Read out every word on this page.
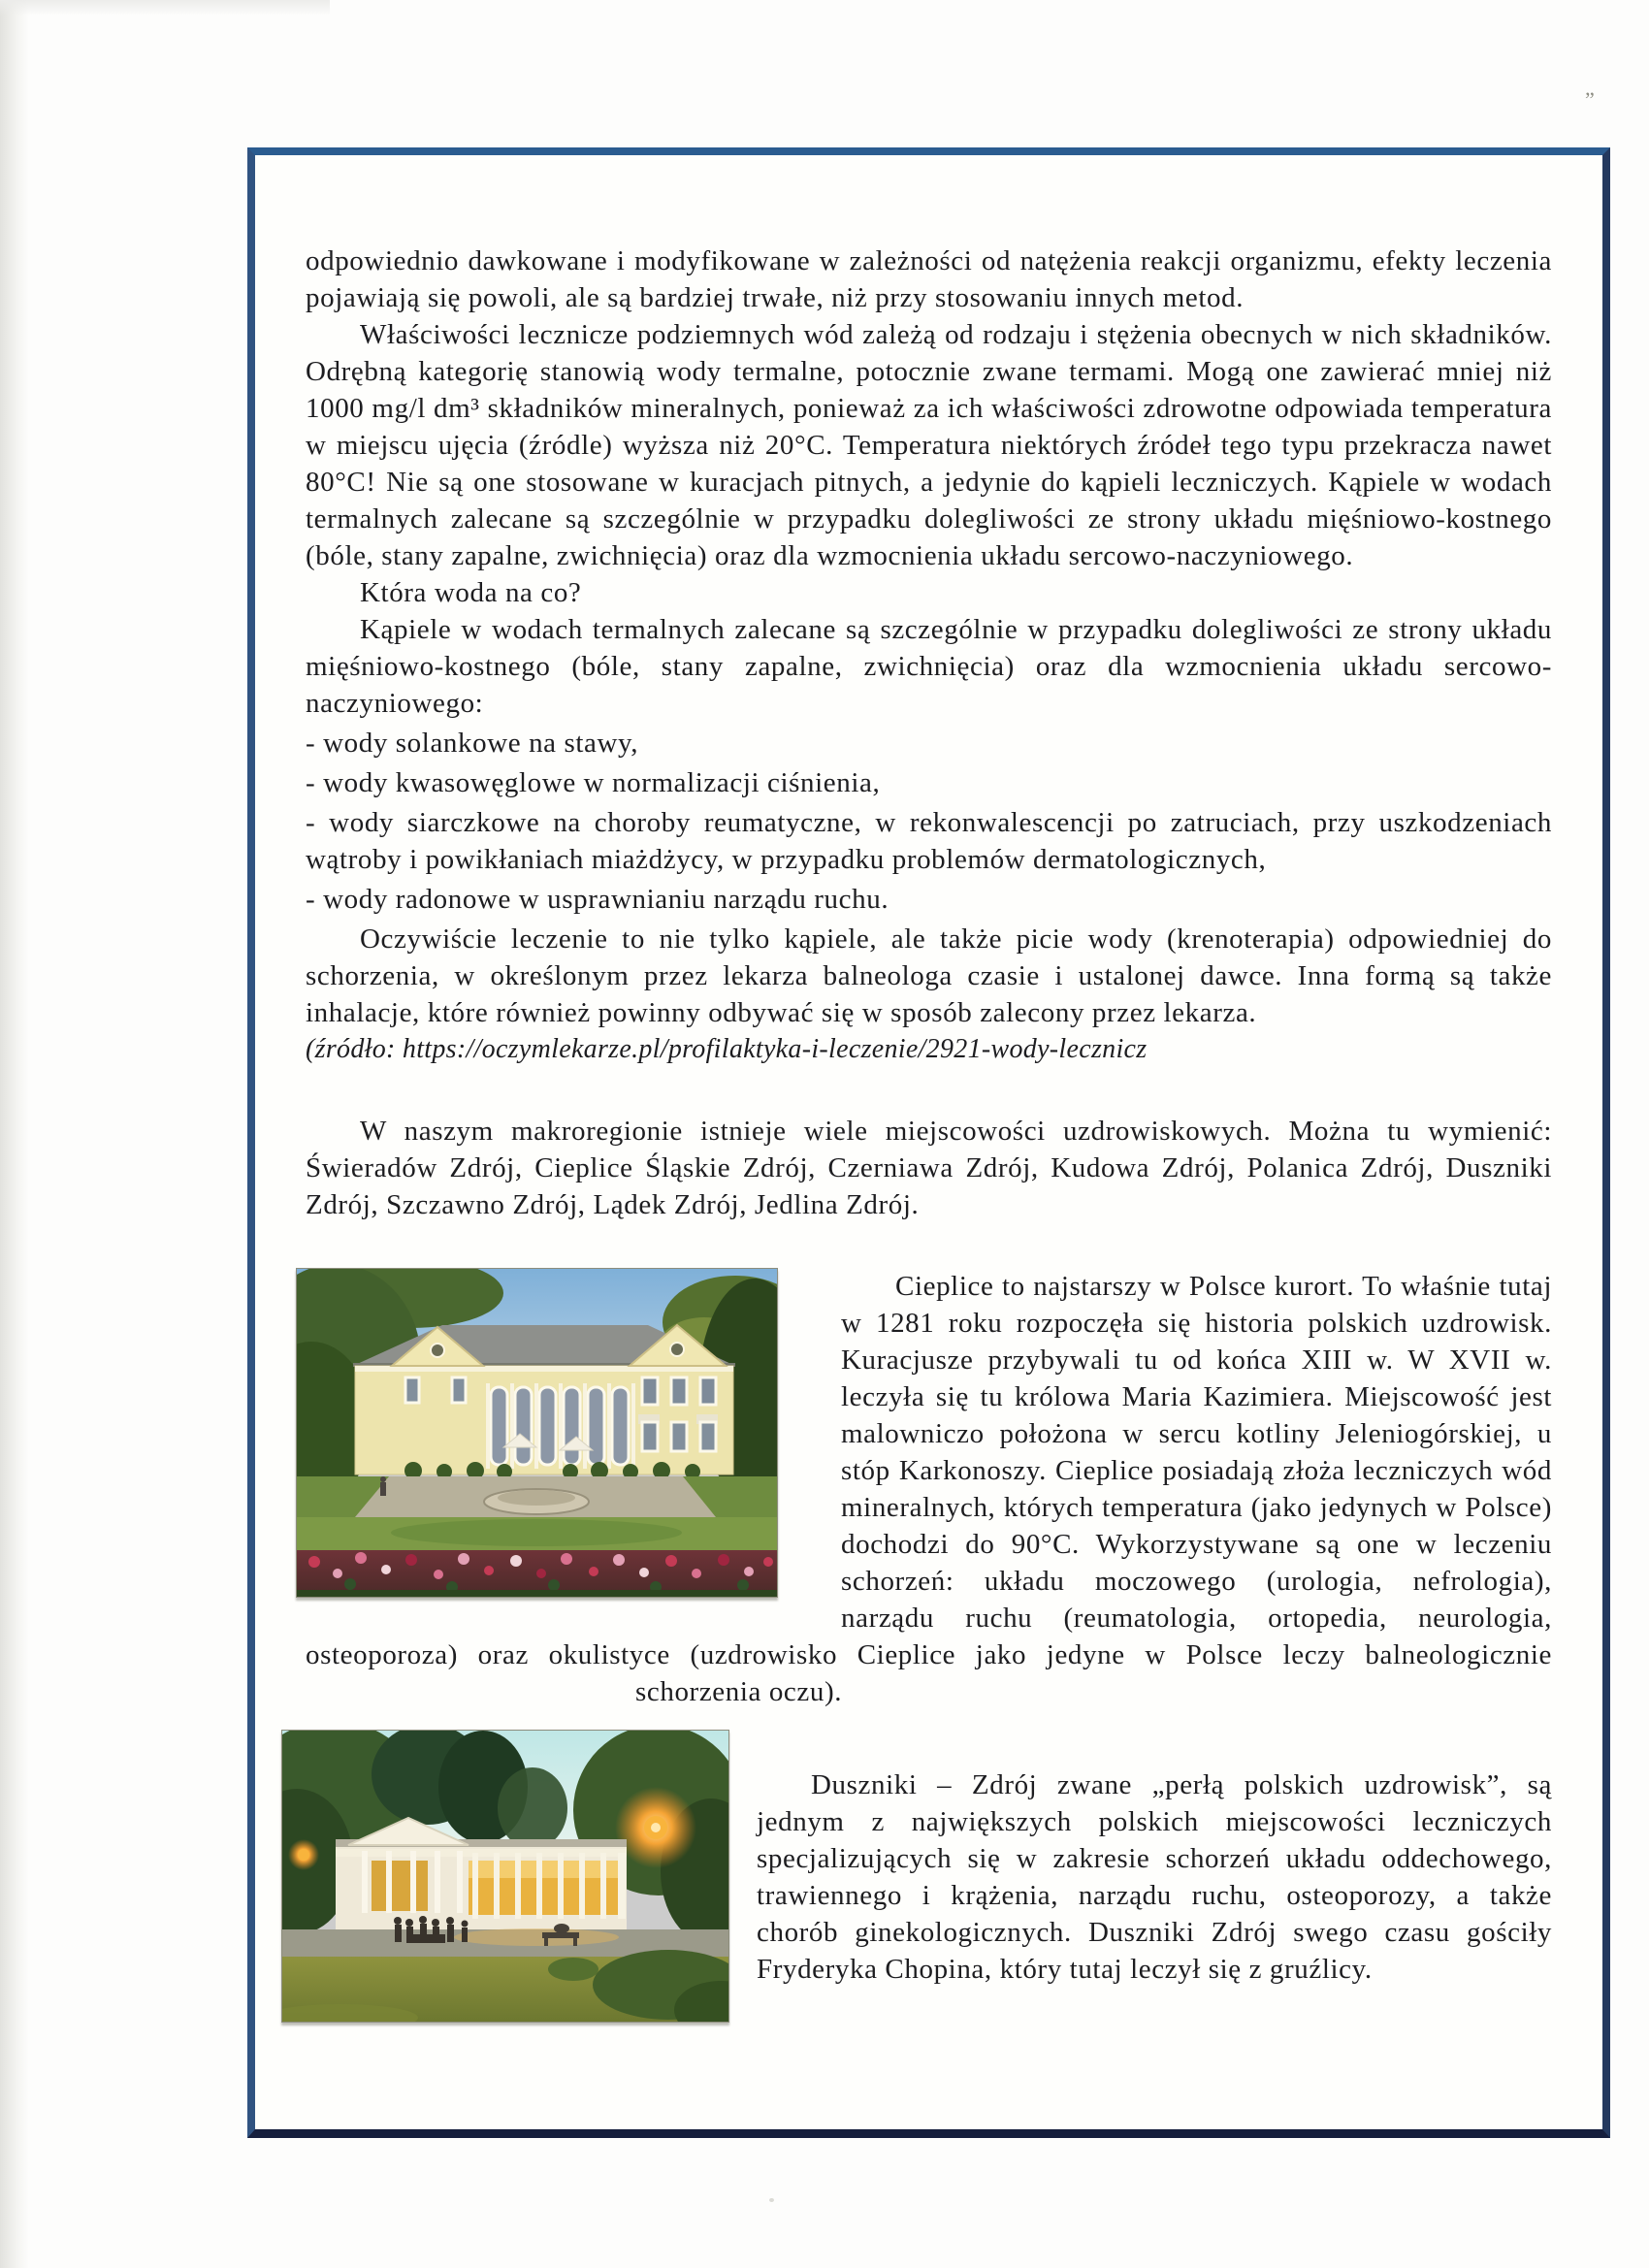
”

odpowiednio dawkowane i modyfikowane w zależności od natężenia reakcji organizmu, efekty leczenia pojawiają się powoli, ale są bardziej trwałe, niż przy stosowaniu innych metod.

Właściwości lecznicze podziemnych wód zależą od rodzaju i stężenia obecnych w nich składników. Odrębną kategorię stanowią wody termalne, potocznie zwane termami. Mogą one zawierać mniej niż 1000 mg/l dm³ składników mineralnych, ponieważ za ich właściwości zdrowotne odpowiada temperatura w miejscu ujęcia (źródle) wyższa niż 20°C. Temperatura niektórych źródeł tego typu przekracza nawet 80°C! Nie są one stosowane w kuracjach pitnych, a jedynie do kąpieli leczniczych. Kąpiele w wodach termalnych zalecane są szczególnie w przypadku dolegliwości ze strony układu mięśniowo-kostnego (bóle, stany zapalne, zwichnięcia) oraz dla wzmocnienia układu sercowo-naczyniowego.

Która woda na co?

Kąpiele w wodach termalnych zalecane są szczególnie w przypadku dolegliwości ze strony układu mięśniowo-kostnego (bóle, stany zapalne, zwichnięcia) oraz dla wzmocnienia układu sercowo-naczyniowego:

- wody solankowe na stawy,

- wody kwasowęglowe w normalizacji ciśnienia,

- wody siarczkowe na choroby reumatyczne, w rekonwalescencji po zatruciach, przy uszkodzeniach wątroby i powikłaniach miażdżycy, w przypadku problemów dermatologicznych,

- wody radonowe w usprawnianiu narządu ruchu.

Oczywiście leczenie to nie tylko kąpiele, ale także picie wody (krenoterapia) odpowiedniej do schorzenia, w określonym przez lekarza balneologa czasie i ustalonej dawce. Inna formą są także inhalacje, które również powinny odbywać się w sposób zalecony przez lekarza.

(źródło: https://oczymlekarze.pl/profilaktyka-i-leczenie/2921-wody-lecznicz

W naszym makroregionie istnieje wiele miejscowości uzdrowiskowych. Można tu wymienić: Świeradów Zdrój, Cieplice Śląskie Zdrój, Czerniawa Zdrój, Kudowa Zdrój, Polanica Zdrój, Duszniki Zdrój, Szczawno Zdrój, Lądek Zdrój, Jedlina Zdrój.

Cieplice to najstarszy w Polsce kurort. To właśnie tutaj w 1281 roku rozpoczęła się historia polskich uzdrowisk. Kuracjusze przybywali tu od końca XIII w. W XVII w. leczyła się tu królowa Maria Kazimiera. Miejscowość jest malowniczo położona w sercu kotliny Jeleniogórskiej, u stóp Karkonoszy. Cieplice posiadają złoża leczniczych wód mineralnych, których temperatura (jako jedynych w Polsce) dochodzi do 90°C. Wykorzystywane są one w leczeniu schorzeń: układu moczowego (urologia, nefrologia), narządu ruchu (reumatologia, ortopedia, neurologia, osteoporoza) oraz okulistyce (uzdrowisko Cieplice jako jedyne w Polsce leczy balneologicznie

schorzenia oczu).

Duszniki – Zdrój zwane „perłą polskich uzdrowisk”, są jednym z największych polskich miejscowości leczniczych specjalizujących się w zakresie schorzeń układu oddechowego, trawiennego i krążenia, narządu ruchu, osteoporozy, a także chorób ginekologicznych. Duszniki Zdrój swego czasu gościły Fryderyka Chopina, który tutaj leczył się z gruźlicy.
